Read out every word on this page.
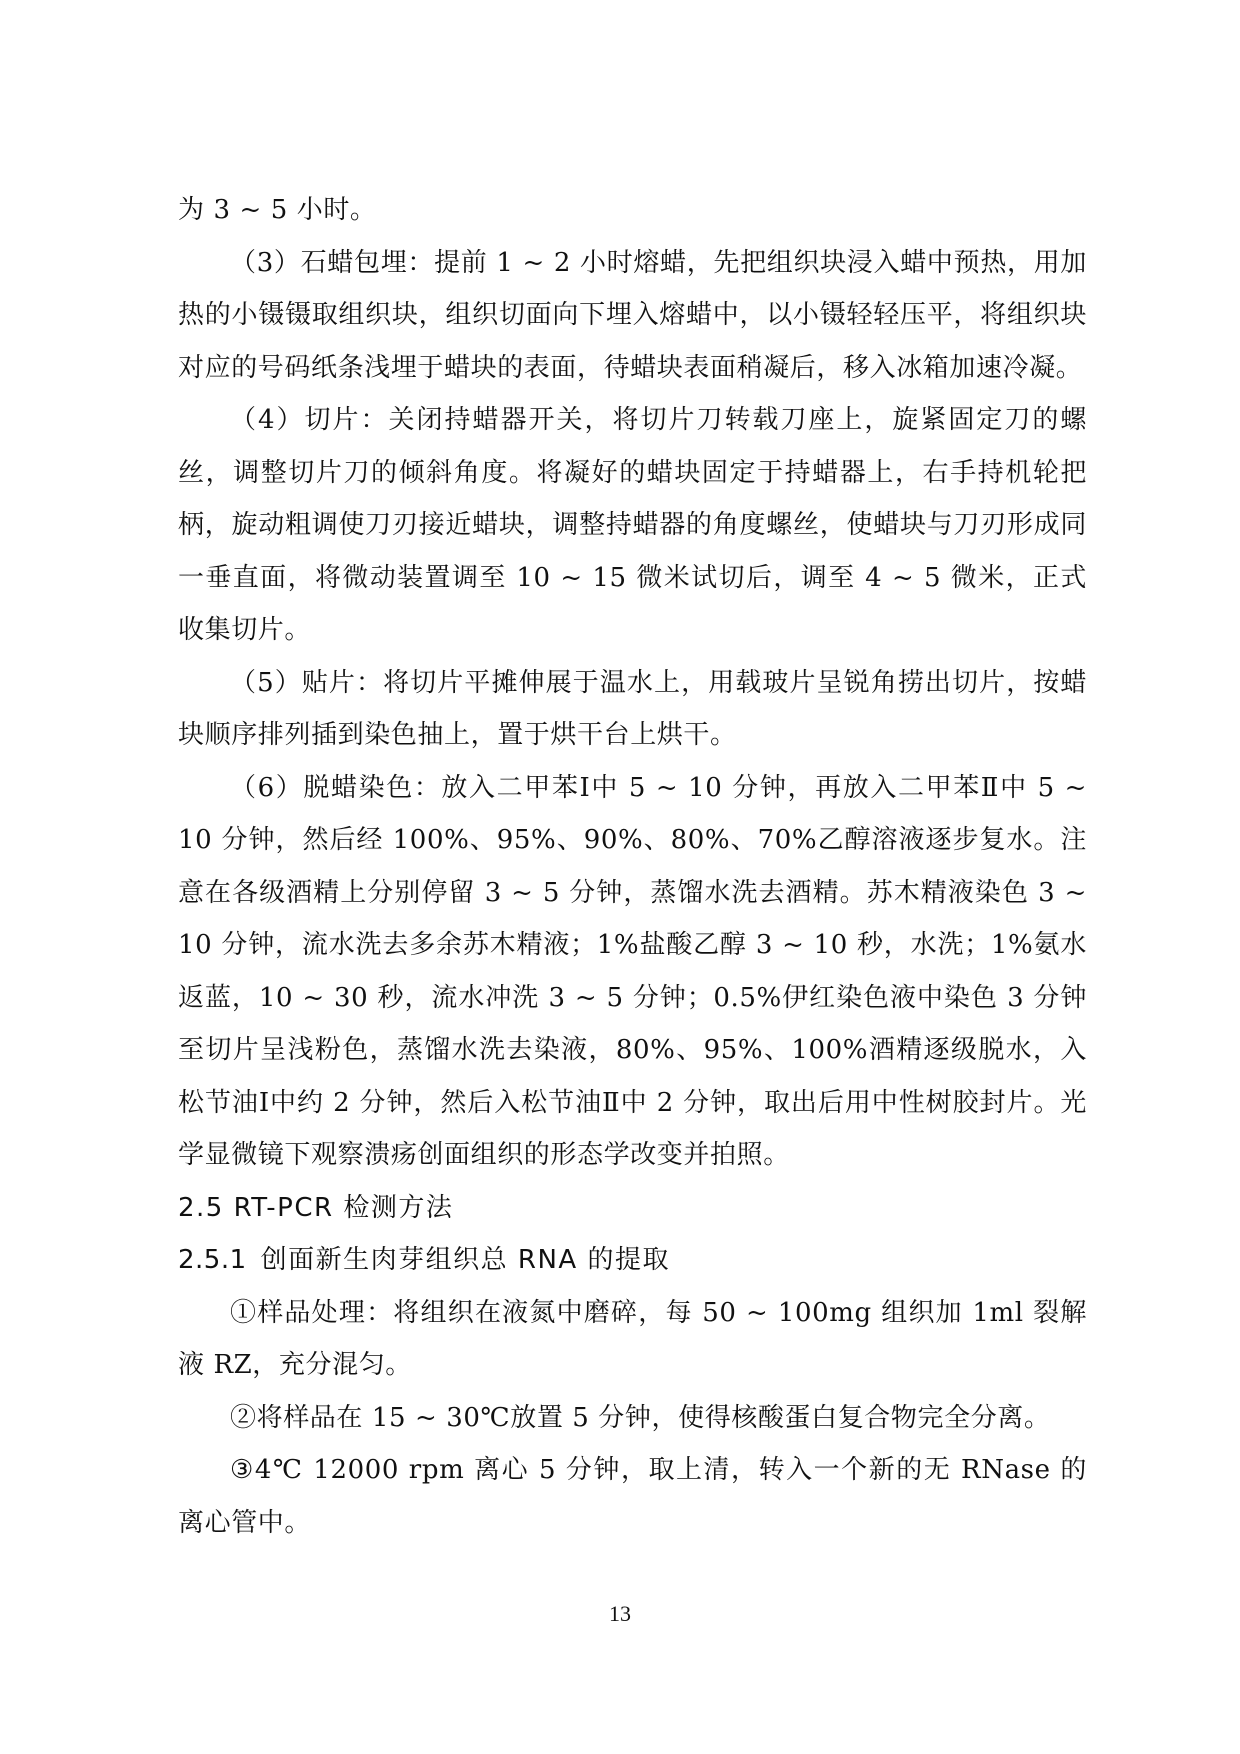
为 3 ~ 5 小时。

（3）石蜡包埋：提前 1 ~ 2 小时熔蜡，先把组织块浸入蜡中预热，用加热的小镊镊取组织块，组织切面向下埋入熔蜡中，以小镊轻轻压平，将组织块对应的号码纸条浅埋于蜡块的表面，待蜡块表面稍凝后，移入冰箱加速冷凝。

（4）切片：关闭持蜡器开关，将切片刀转载刀座上，旋紧固定刀的螺丝，调整切片刀的倾斜角度。将凝好的蜡块固定于持蜡器上，右手持机轮把柄，旋动粗调使刀刃接近蜡块，调整持蜡器的角度螺丝，使蜡块与刀刃形成同一垂直面，将微动装置调至 10 ~ 15 微米试切后，调至 4 ~ 5 微米，正式收集切片。

（5）贴片：将切片平摊伸展于温水上，用载玻片呈锐角捞出切片，按蜡块顺序排列插到染色抽上，置于烘干台上烘干。

（6）脱蜡染色：放入二甲苯Ⅰ中 5 ~ 10 分钟，再放入二甲苯Ⅱ中 5 ~ 10 分钟，然后经 100%、95%、90%、80%、70%乙醇溶液逐步复水。注意在各级酒精上分别停留 3 ~ 5 分钟，蒸馏水洗去酒精。苏木精液染色 3 ~ 10 分钟，流水洗去多余苏木精液；1%盐酸乙醇 3 ~ 10 秒，水洗；1%氨水返蓝，10 ~ 30 秒，流水冲洗 3 ~ 5 分钟；0.5%伊红染色液中染色 3 分钟至切片呈浅粉色，蒸馏水洗去染液，80%、95%、100%酒精逐级脱水，入松节油Ⅰ中约 2 分钟，然后入松节油Ⅱ中 2 分钟，取出后用中性树胶封片。光学显微镜下观察溃疡创面组织的形态学改变并拍照。

2.5 RT-PCR 检测方法

2.5.1 创面新生肉芽组织总 RNA 的提取

①样品处理：将组织在液氮中磨碎，每 50 ~ 100mg 组织加 1ml 裂解液 RZ，充分混匀。

②将样品在 15 ~ 30℃放置 5 分钟，使得核酸蛋白复合物完全分离。

③4℃ 12000 rpm 离心 5 分钟，取上清，转入一个新的无 RNase 的离心管中。

13
